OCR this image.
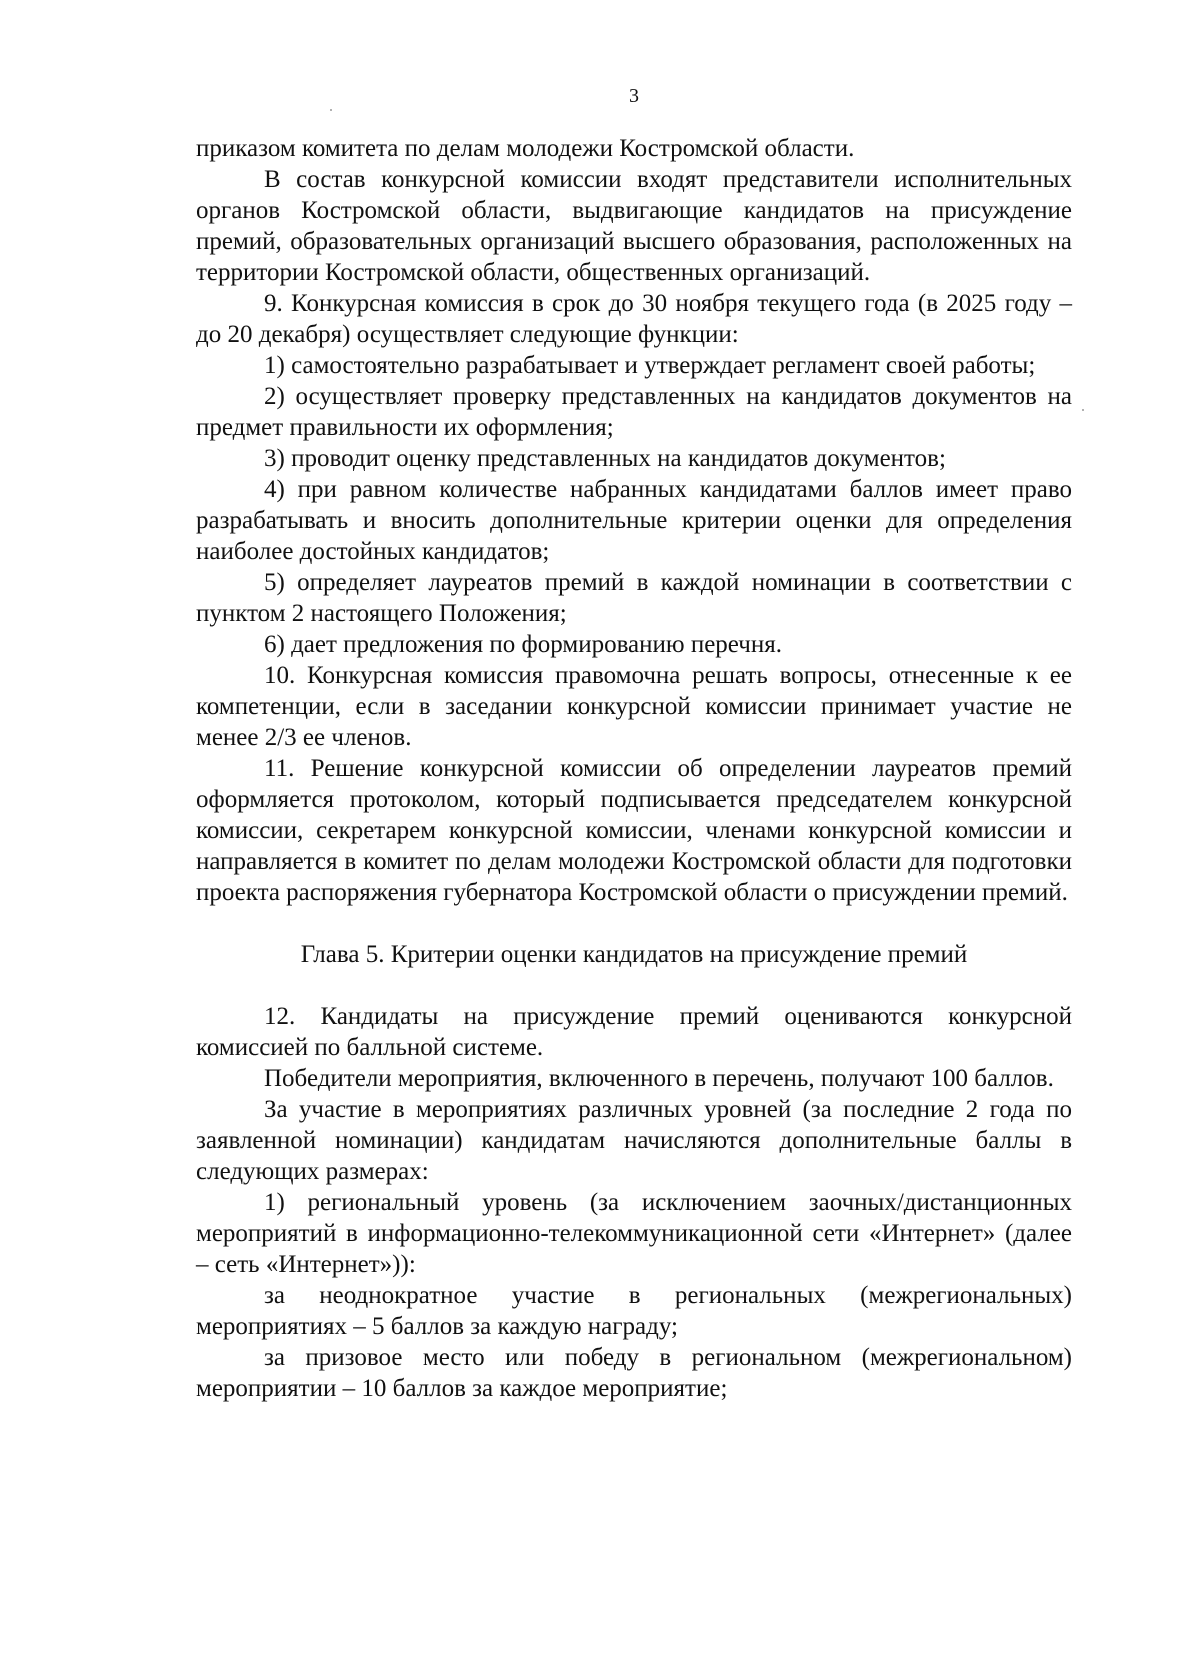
3

приказом комитета по делам молодежи Костромской области.

В состав конкурсной комиссии входят представители исполнительных органов Костромской области, выдвигающие кандидатов на присуждение премий, образовательных организаций высшего образования, расположенных на территории Костромской области, общественных организаций.

9. Конкурсная комиссия в срок до 30 ноября текущего года (в 2025 году – до 20 декабря) осуществляет следующие функции:

1) самостоятельно разрабатывает и утверждает регламент своей работы;

2) осуществляет проверку представленных на кандидатов документов на предмет правильности их оформления;

3) проводит оценку представленных на кандидатов документов;

4) при равном количестве набранных кандидатами баллов имеет право разрабатывать и вносить дополнительные критерии оценки для определения наиболее достойных кандидатов;

5) определяет лауреатов премий в каждой номинации в соответствии с пунктом 2 настоящего Положения;

6) дает предложения по формированию перечня.

10. Конкурсная комиссия правомочна решать вопросы, отнесенные к ее компетенции, если в заседании конкурсной комиссии принимает участие не менее 2/3 ее членов.

11. Решение конкурсной комиссии об определении лауреатов премий оформляется протоколом, который подписывается председателем конкурсной комиссии, секретарем конкурсной комиссии, членами конкурсной комиссии и направляется в комитет по делам молодежи Костромской области для подготовки проекта распоряжения губернатора Костромской области о присуждении премий.

Глава 5. Критерии оценки кандидатов на присуждение премий

12. Кандидаты на присуждение премий оцениваются конкурсной комиссией по балльной системе.

Победители мероприятия, включенного в перечень, получают 100 баллов.

За участие в мероприятиях различных уровней (за последние 2 года по заявленной номинации) кандидатам начисляются дополнительные баллы в следующих размерах:

1) региональный уровень (за исключением заочных/дистанционных мероприятий в информационно-телекоммуникационной сети «Интернет» (далее – сеть «Интернет»)):

за неоднократное участие в региональных (межрегиональных) мероприятиях – 5 баллов за каждую награду;

за призовое место или победу в региональном (межрегиональном) мероприятии – 10 баллов за каждое мероприятие;
